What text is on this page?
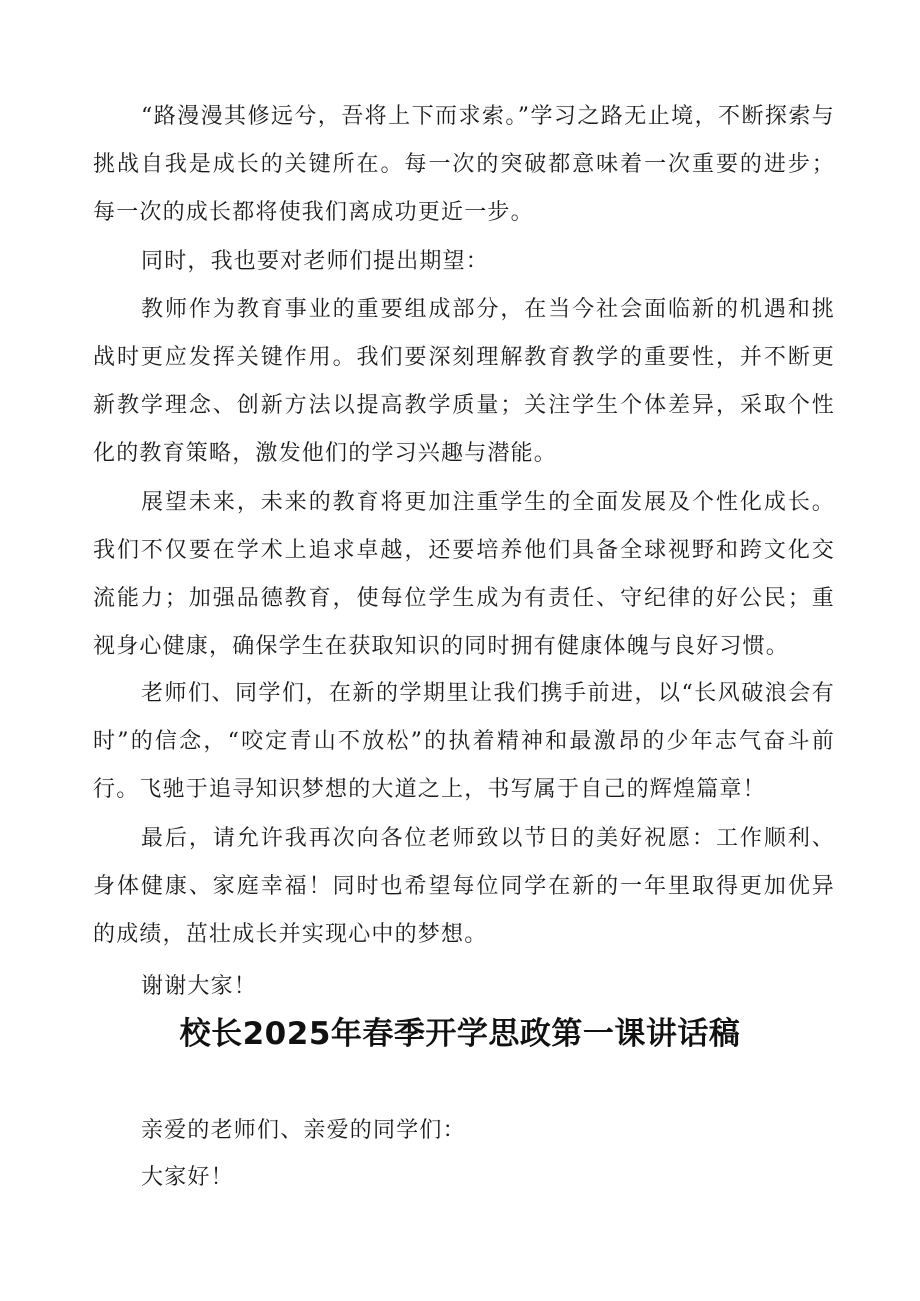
“路漫漫其修远兮，吾将上下而求索。”学习之路无止境，不断探索与挑战自我是成长的关键所在。每一次的突破都意味着一次重要的进步；每一次的成长都将使我们离成功更近一步。

同时，我也要对老师们提出期望：

教师作为教育事业的重要组成部分，在当今社会面临新的机遇和挑战时更应发挥关键作用。我们要深刻理解教育教学的重要性，并不断更新教学理念、创新方法以提高教学质量；关注学生个体差异，采取个性化的教育策略，激发他们的学习兴趣与潜能。

展望未来，未来的教育将更加注重学生的全面发展及个性化成长。我们不仅要在学术上追求卓越，还要培养他们具备全球视野和跨文化交流能力；加强品德教育，使每位学生成为有责任、守纪律的好公民；重视身心健康，确保学生在获取知识的同时拥有健康体魄与良好习惯。

老师们、同学们，在新的学期里让我们携手前进，以“长风破浪会有时”的信念，“咬定青山不放松”的执着精神和最激昂的少年志气奋斗前行。飞驰于追寻知识梦想的大道之上，书写属于自己的辉煌篇章！

最后，请允许我再次向各位老师致以节日的美好祝愿：工作顺利、身体健康、家庭幸福！同时也希望每位同学在新的一年里取得更加优异的成绩，茁壮成长并实现心中的梦想。

谢谢大家！

校长2025年春季开学思政第一课讲话稿

亲爱的老师们、亲爱的同学们：

大家好！
